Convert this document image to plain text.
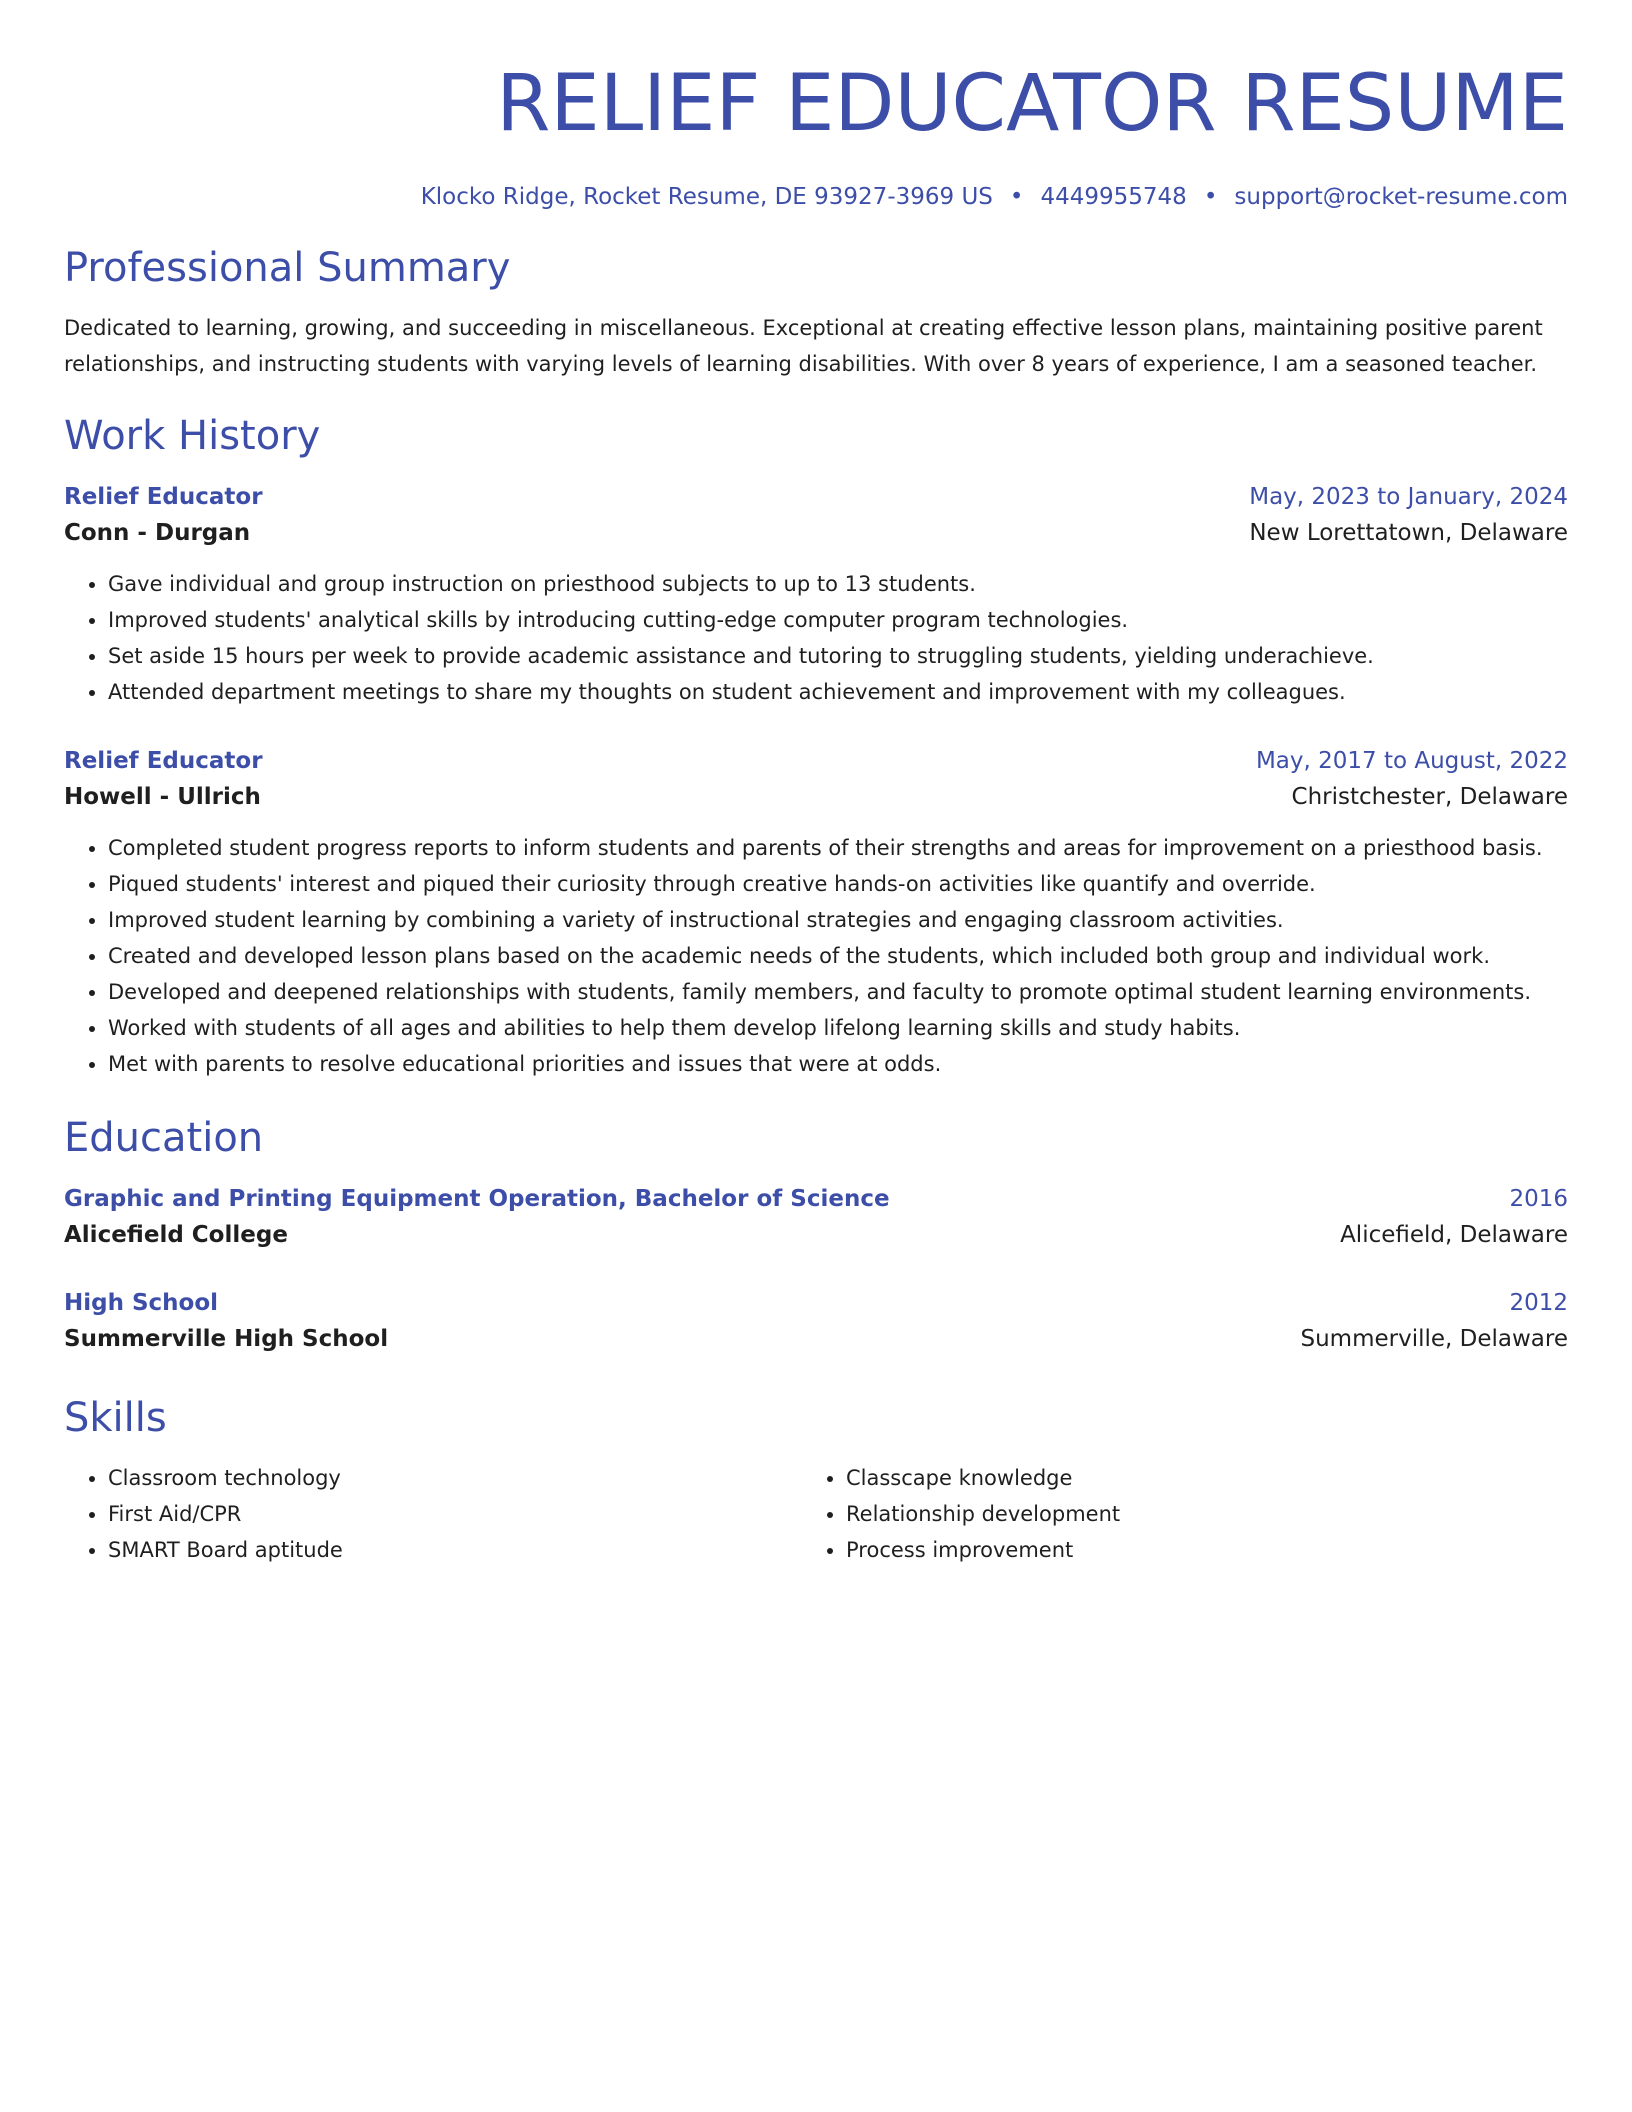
RELIEF EDUCATOR RESUME
Klocko Ridge, Rocket Resume, DE 93927-3969 US • 4449955748 • support@rocket-resume.com
Professional Summary
Dedicated to learning, growing, and succeeding in miscellaneous. Exceptional at creating effective lesson plans, maintaining positive parent relationships, and instructing students with varying levels of learning disabilities. With over 8 years of experience, I am a seasoned teacher.
Work History
Relief Educator	May, 2023 to January, 2024
Conn - Durgan	New Lorettatown, Delaware
• Gave individual and group instruction on priesthood subjects to up to 13 students.
• Improved students' analytical skills by introducing cutting-edge computer program technologies.
• Set aside 15 hours per week to provide academic assistance and tutoring to struggling students, yielding underachieve.
• Attended department meetings to share my thoughts on student achievement and improvement with my colleagues.
Relief Educator	May, 2017 to August, 2022
Howell - Ullrich	Christchester, Delaware
• Completed student progress reports to inform students and parents of their strengths and areas for improvement on a priesthood basis.
• Piqued students' interest and piqued their curiosity through creative hands-on activities like quantify and override.
• Improved student learning by combining a variety of instructional strategies and engaging classroom activities.
• Created and developed lesson plans based on the academic needs of the students, which included both group and individual work.
• Developed and deepened relationships with students, family members, and faculty to promote optimal student learning environments.
• Worked with students of all ages and abilities to help them develop lifelong learning skills and study habits.
• Met with parents to resolve educational priorities and issues that were at odds.
Education
Graphic and Printing Equipment Operation, Bachelor of Science	2016
Alicefield College	Alicefield, Delaware
High School	2012
Summerville High School	Summerville, Delaware
Skills
• Classroom technology
• First Aid/CPR
• SMART Board aptitude
• Classcape knowledge
• Relationship development
• Process improvement
